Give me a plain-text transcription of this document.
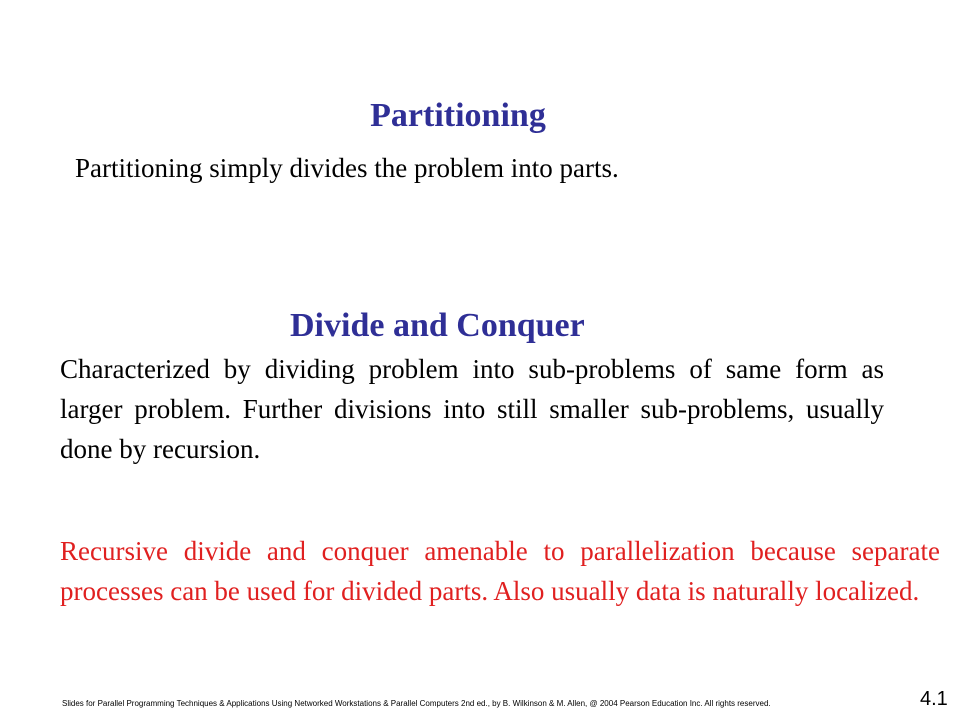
Partitioning
Partitioning simply divides the problem into parts.
Divide and Conquer
Characterized by dividing problem into sub-problems of same form as larger problem. Further divisions into still smaller sub-problems, usually done by recursion.
Recursive divide and conquer amenable to parallelization because separate processes can be used for divided parts. Also usually data is naturally localized.
Slides for Parallel Programming Techniques & Applications Using Networked Workstations & Parallel Computers 2nd ed., by B. Wilkinson & M. Allen, @ 2004 Pearson Education Inc. All rights reserved.	4.1
